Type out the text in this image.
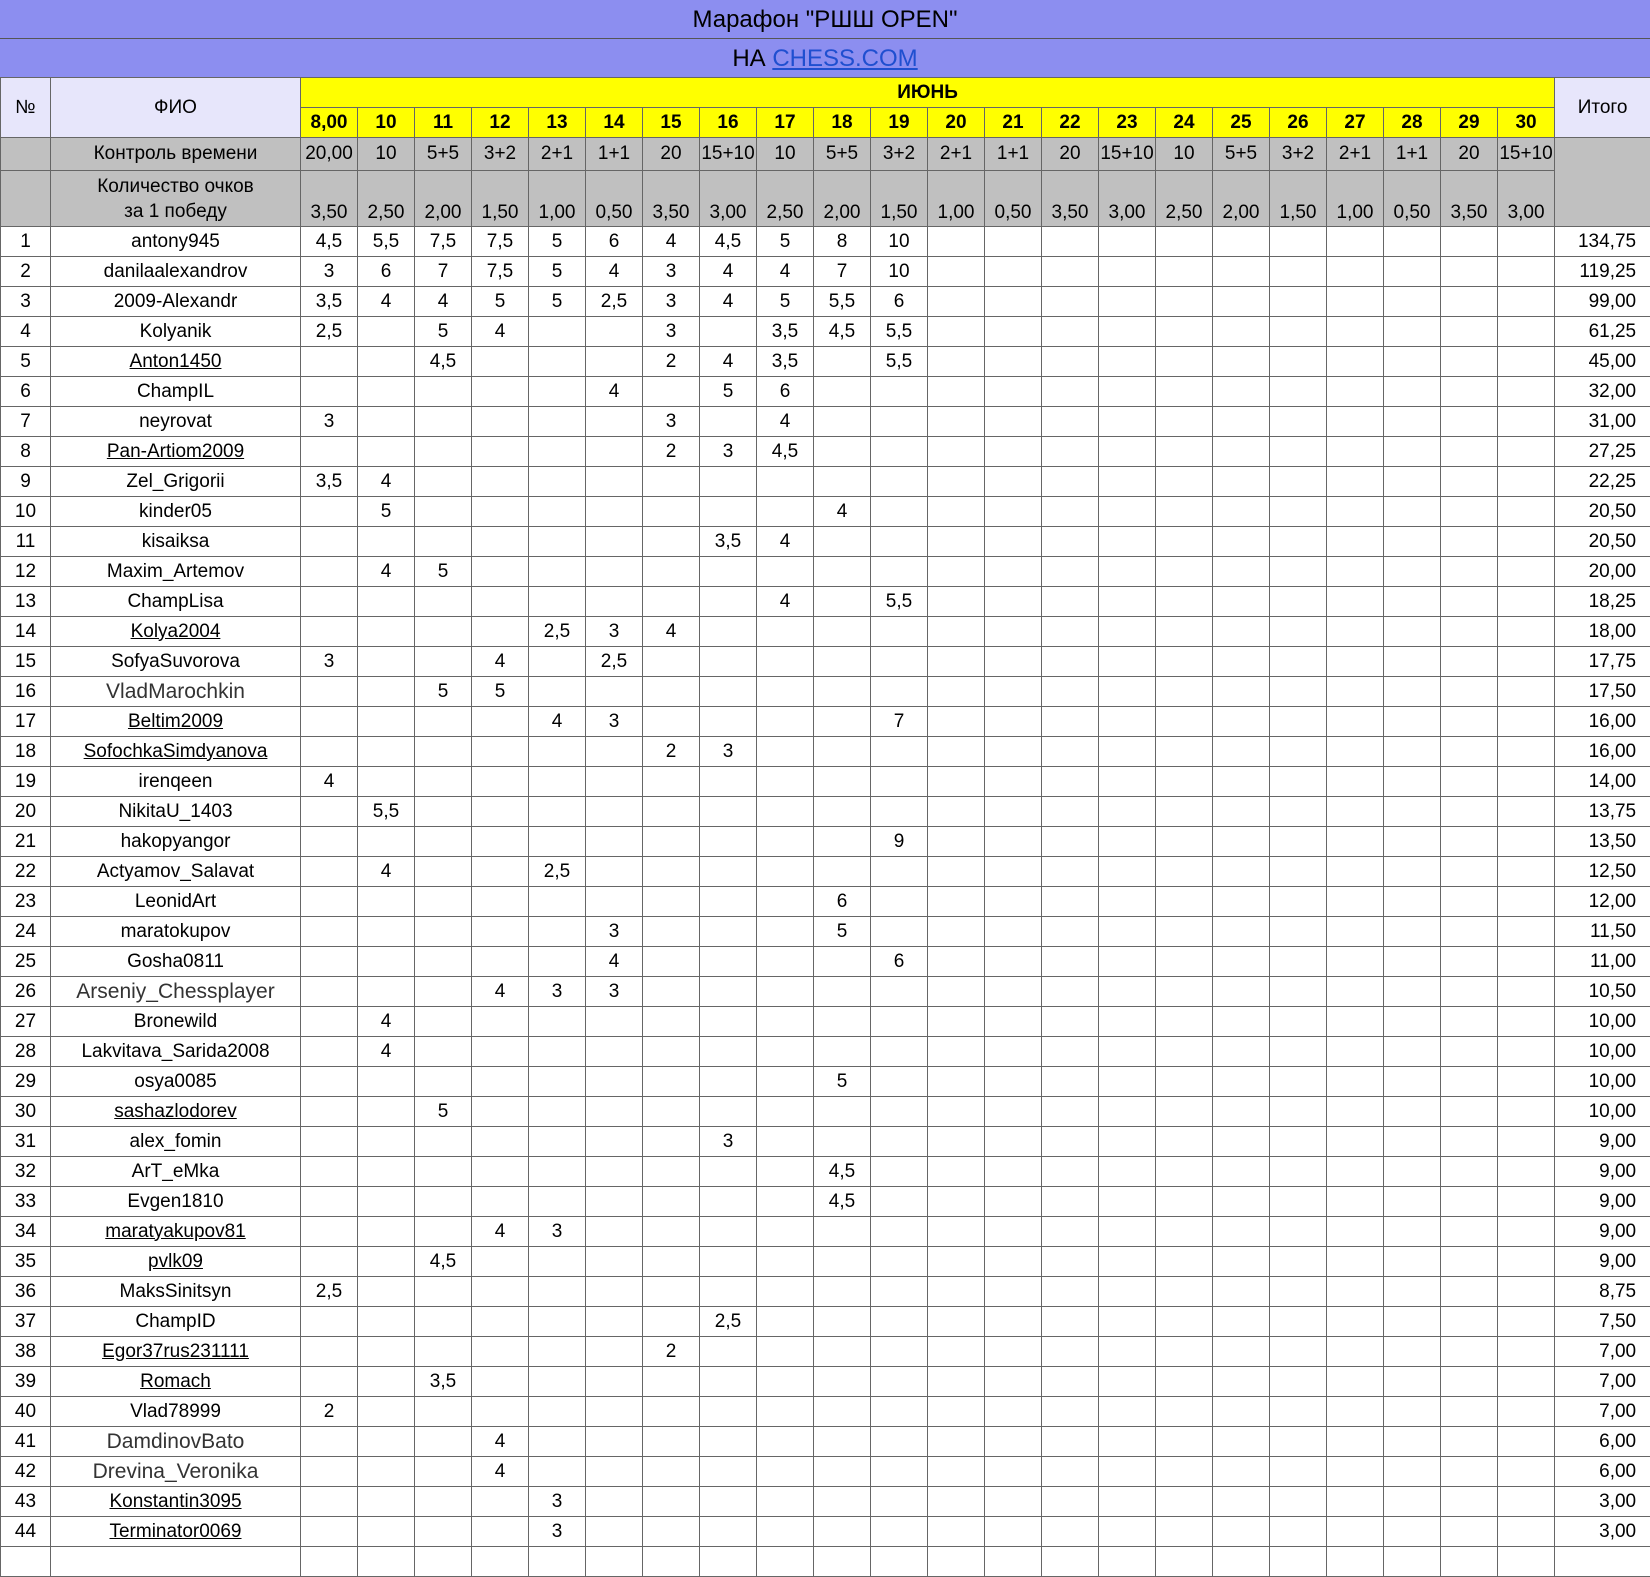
Марафон "РШШ OPEN"
НА CHESS.COM
№	ФИО	ИЮНЬ																						Итого
		8,00	10	11	12	13	14	15	16	17	18	19	20	21	22	23	24	25	26	27	28	29	30	
	Контроль времени	20,00	10	5+5	3+2	2+1	1+1	20	15+10	10	5+5	3+2	2+1	1+1	20	15+10	10	5+5	3+2	2+1	1+1	20	15+10	
	Количество очков
за 1 победу	3,50	2,50	2,00	1,50	1,00	0,50	3,50	3,00	2,50	2,00	1,50	1,00	0,50	3,50	3,00	2,50	2,00	1,50	1,00	0,50	3,50	3,00	
1	antony945	4,5	5,5	7,5	7,5	5	6	4	4,5	5	8	10												134,75
2	danilaalexandrov	3	6	7	7,5	5	4	3	4	4	7	10												119,25
3	2009-Alexandr	3,5	4	4	5	5	2,5	3	4	5	5,5	6												99,00
4	Kolyanik	2,5		5	4			3		3,5	4,5	5,5												61,25
5	Anton1450			4,5				2	4	3,5		5,5												45,00
6	ChampIL						4		5	6														32,00
7	neyrovat	3						3		4														31,00
8	Pan-Artiom2009							2	3	4,5														27,25
9	Zel_Grigorii	3,5	4																					22,25
10	kinder05		5								4													20,50
11	kisaiksa								3,5	4														20,50
12	Maxim_Artemov		4	5																				20,00
13	ChampLisa									4		5,5												18,25
14	Kolya2004					2,5	3	4																18,00
15	SofyaSuvorova	3			4		2,5																	17,75
16	VladMarochkin			5	5																			17,50
17	Beltim2009					4	3					7												16,00
18	SofochkaSimdyanova							2	3															16,00
19	irenqeen	4																						14,00
20	NikitaU_1403		5,5																					13,75
21	hakopyangor											9												13,50
22	Actyamov_Salavat		4			2,5																		12,50
23	LeonidArt										6													12,00
24	maratokupov						3				5													11,50
25	Gosha0811						4					6												11,00
26	Arseniy_Chessplayer				4	3	3																	10,50
27	Bronewild		4																					10,00
28	Lakvitava_Sarida2008		4																					10,00
29	osya0085										5													10,00
30	sashazlodorev			5																				10,00
31	alex_fomin								3															9,00
32	ArT_eMka										4,5													9,00
33	Evgen1810										4,5													9,00
34	maratyakupov81				4	3																		9,00
35	pvlk09			4,5																				9,00
36	MaksSinitsyn	2,5																						8,75
37	ChampID								2,5															7,50
38	Egor37rus231111							2																7,00
39	Romach			3,5																				7,00
40	Vlad78999	2																						7,00
41	DamdinovBato				4																			6,00
42	Drevina_Veronika				4																			6,00
43	Konstantin3095					3																		3,00
44	Terminator0069					3																		3,00
